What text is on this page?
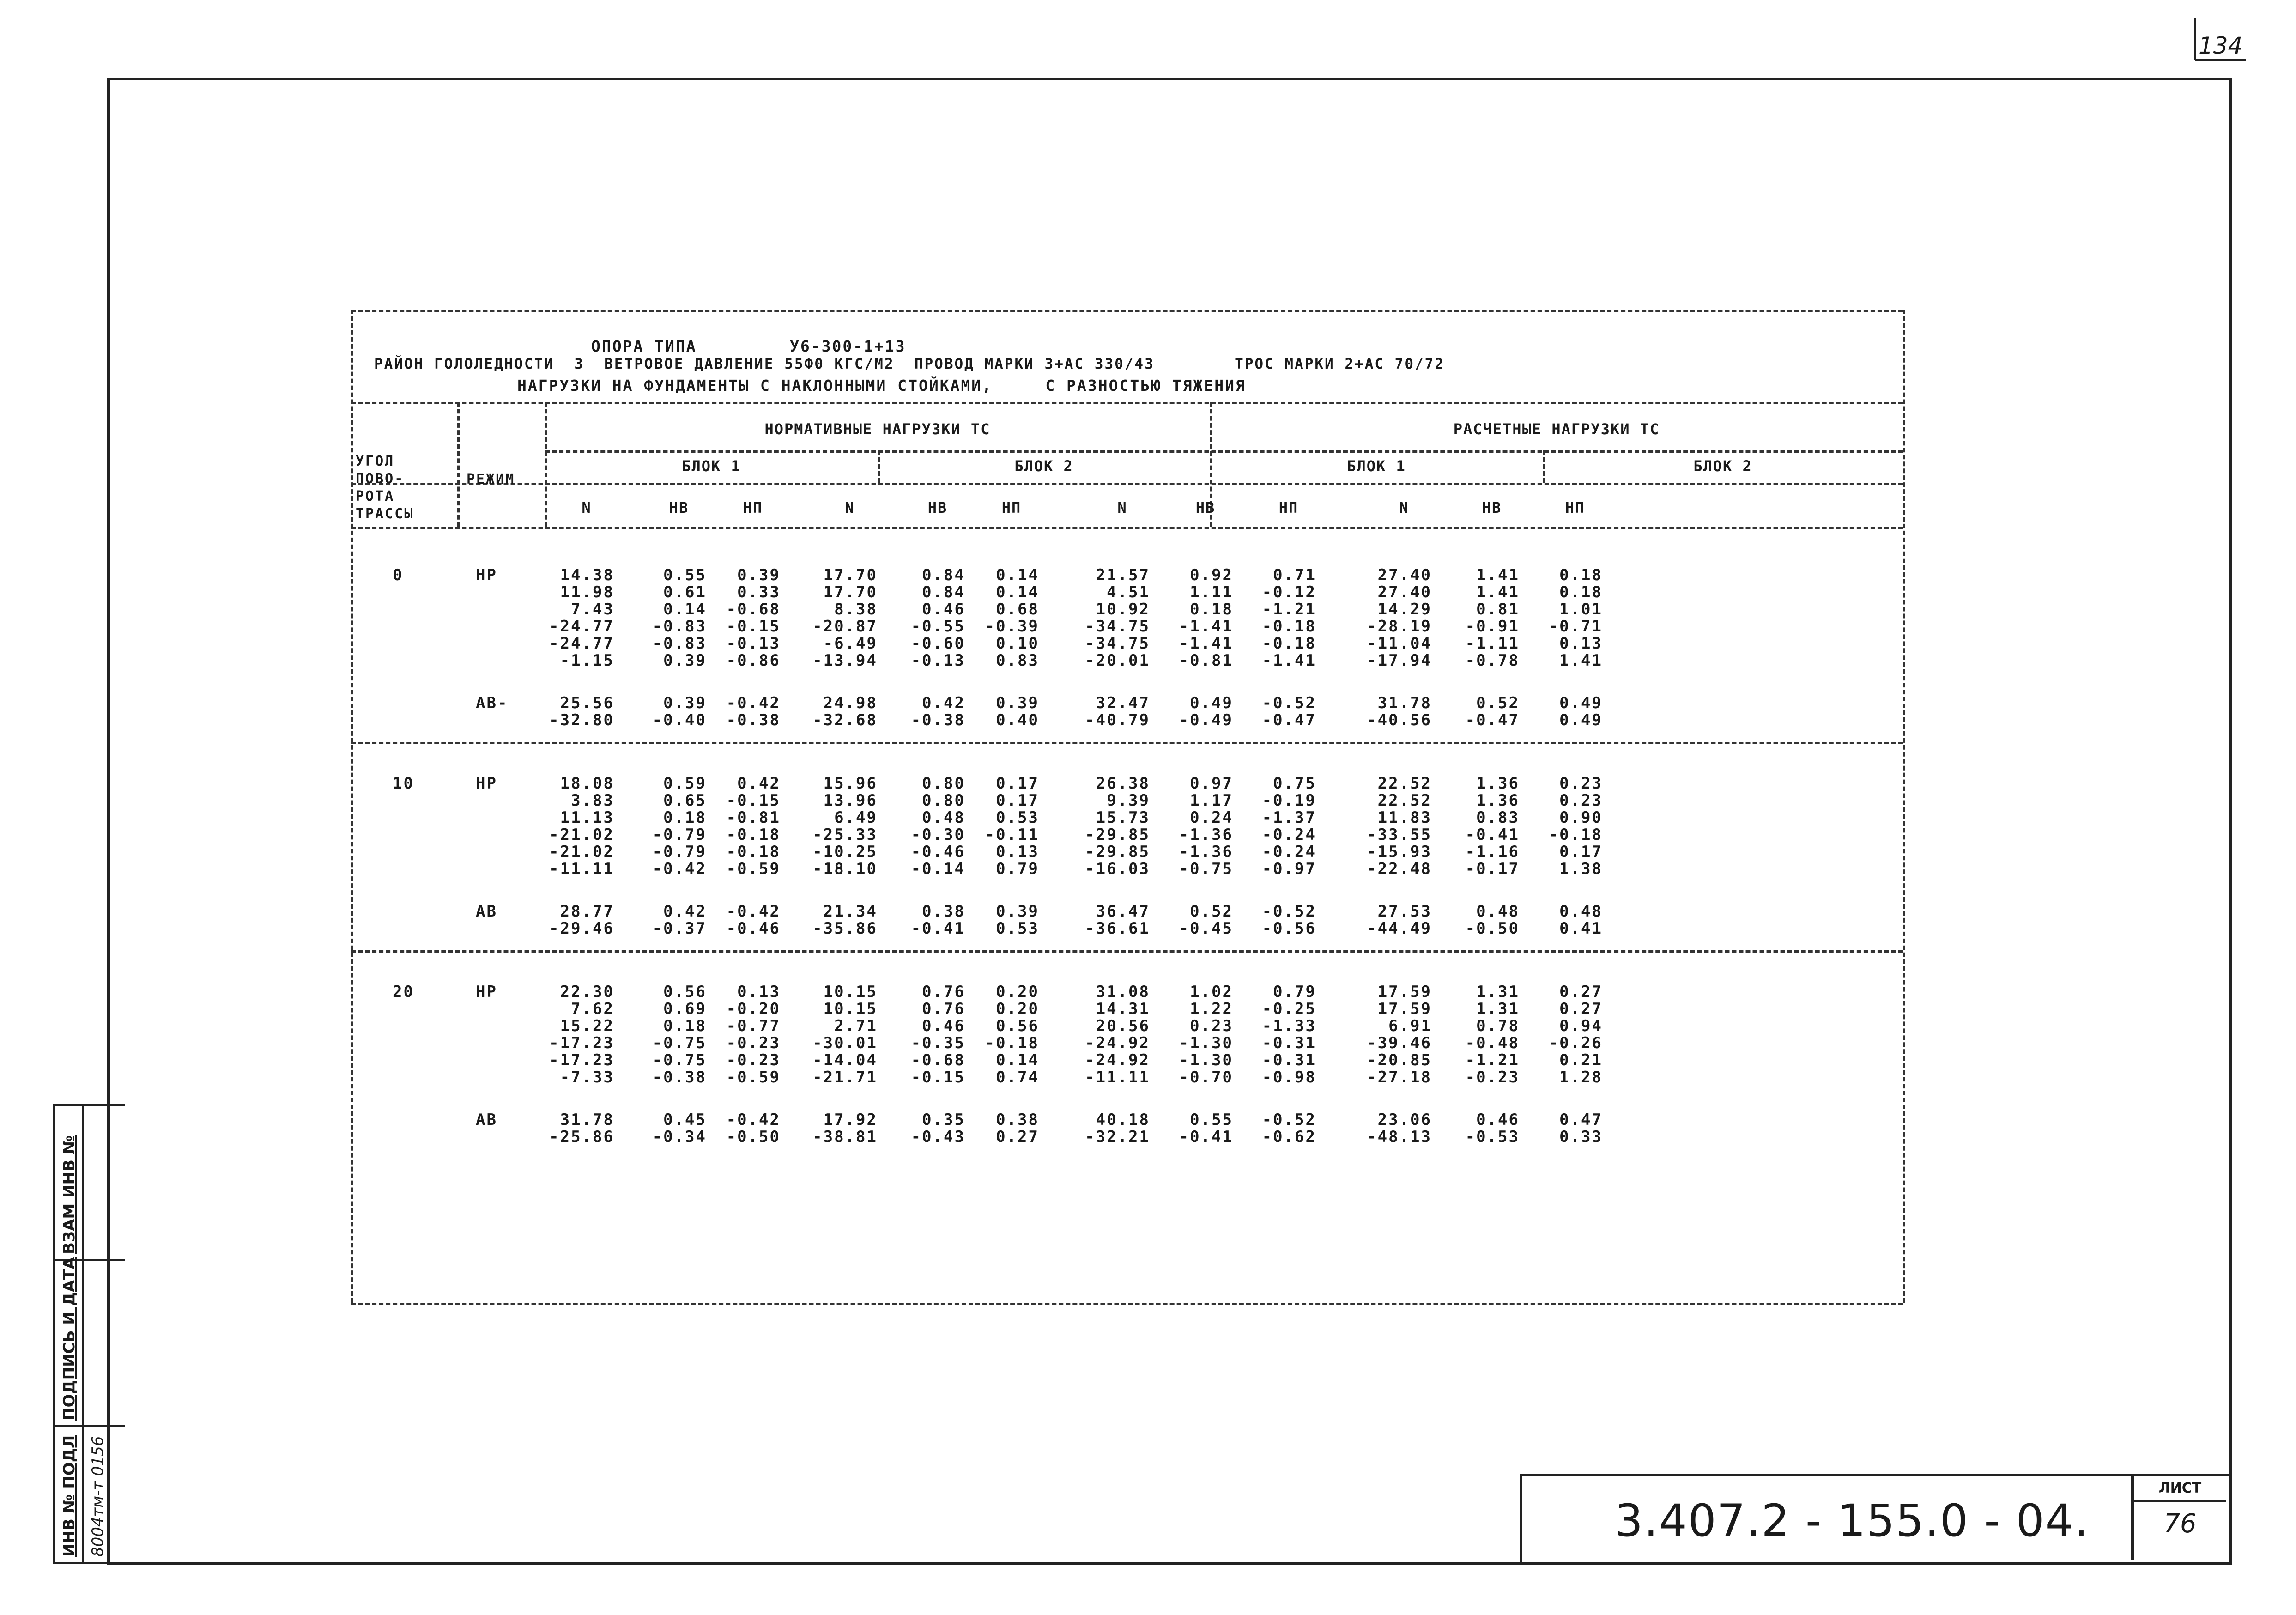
134
ВЗАМ ИНВ №
ПОДПИСЬ И ДАТА
ИНВ № ПОДЛ 8004тм-т 0156	3.407.2 - 155.0 - 04.
ЛИСТ
76
ОПОРА ТИПА	У6-300-1+13
РАЙОН ГОЛОЛЕДНОСТИ  3  ВЕТРОВОЕ ДАВЛЕНИЕ 55Ф0 КГС/М2  ПРОВОД МАРКИ 3+АС 330/43        ТРОС МАРКИ 2+АС 70/72
НАГРУЗКИ НА ФУНДАМЕНТЫ С НАКЛОННЫМИ СТОЙКАМИ,     С РАЗНОСТЬЮ ТЯЖЕНИЯ
УГОЛ
ПОВО-
РОТА
ТРАССЫ
РЕЖИМ
НОРМАТИВНЫЕ НАГРУЗКИ ТС	РАСЧЕТНЫЕ НАГРУЗКИ ТС
БЛОК 1	БЛОК 2	БЛОК 1	БЛОК 2
N	НВ	НП	N	НВ	НП	N	НВ	НП	N	НВ	НП
0	НР	14.38	0.55	0.39	17.70	0.84	0.14	21.57	0.92	0.71	27.40	1.41	0.18
11.98	0.61	0.33	17.70	0.84	0.14	4.51	1.11	-0.12	27.40	1.41	0.18
7.43	0.14	-0.68	8.38	0.46	0.68	10.92	0.18	-1.21	14.29	0.81	1.01
-24.77	-0.83	-0.15	-20.87	-0.55	-0.39	-34.75	-1.41	-0.18	-28.19	-0.91	-0.71
-24.77	-0.83	-0.13	-6.49	-0.60	0.10	-34.75	-1.41	-0.18	-11.04	-1.11	0.13
-1.15	0.39	-0.86	-13.94	-0.13	0.83	-20.01	-0.81	-1.41	-17.94	-0.78	1.41
АВ-	25.56	0.39	-0.42	24.98	0.42	0.39	32.47	0.49	-0.52	31.78	0.52	0.49
-32.80	-0.40	-0.38	-32.68	-0.38	0.40	-40.79	-0.49	-0.47	-40.56	-0.47	0.49
10	НР	18.08	0.59	0.42	15.96	0.80	0.17	26.38	0.97	0.75	22.52	1.36	0.23
3.83	0.65	-0.15	13.96	0.80	0.17	9.39	1.17	-0.19	22.52	1.36	0.23
11.13	0.18	-0.81	6.49	0.48	0.53	15.73	0.24	-1.37	11.83	0.83	0.90
-21.02	-0.79	-0.18	-25.33	-0.30	-0.11	-29.85	-1.36	-0.24	-33.55	-0.41	-0.18
-21.02	-0.79	-0.18	-10.25	-0.46	0.13	-29.85	-1.36	-0.24	-15.93	-1.16	0.17
-11.11	-0.42	-0.59	-18.10	-0.14	0.79	-16.03	-0.75	-0.97	-22.48	-0.17	1.38
АВ	28.77	0.42	-0.42	21.34	0.38	0.39	36.47	0.52	-0.52	27.53	0.48	0.48
-29.46	-0.37	-0.46	-35.86	-0.41	0.53	-36.61	-0.45	-0.56	-44.49	-0.50	0.41
20	НР	22.30	0.56	0.13	10.15	0.76	0.20	31.08	1.02	0.79	17.59	1.31	0.27
7.62	0.69	-0.20	10.15	0.76	0.20	14.31	1.22	-0.25	17.59	1.31	0.27
15.22	0.18	-0.77	2.71	0.46	0.56	20.56	0.23	-1.33	6.91	0.78	0.94
-17.23	-0.75	-0.23	-30.01	-0.35	-0.18	-24.92	-1.30	-0.31	-39.46	-0.48	-0.26
-17.23	-0.75	-0.23	-14.04	-0.68	0.14	-24.92	-1.30	-0.31	-20.85	-1.21	0.21
-7.33	-0.38	-0.59	-21.71	-0.15	0.74	-11.11	-0.70	-0.98	-27.18	-0.23	1.28
АВ	31.78	0.45	-0.42	17.92	0.35	0.38	40.18	0.55	-0.52	23.06	0.46	0.47
-25.86	-0.34	-0.50	-38.81	-0.43	0.27	-32.21	-0.41	-0.62	-48.13	-0.53	0.33
